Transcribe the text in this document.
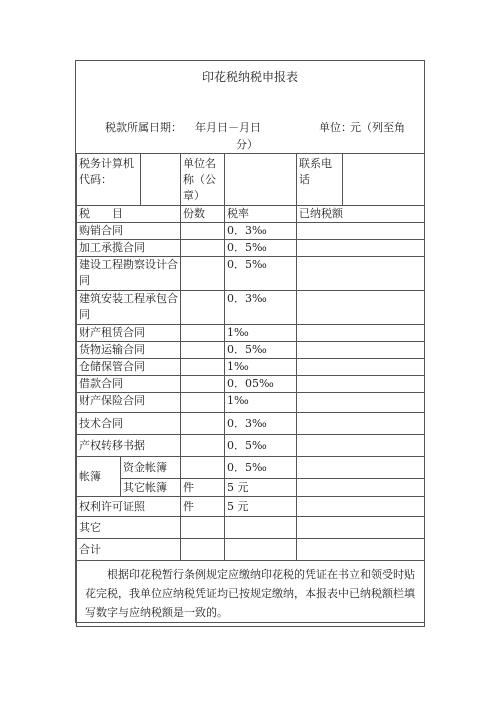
印花税纳税申报表
税款所属日期： 年月日－月日	单位：
元（列至角
分）
税务计算机代码：			单位名称（公章）		联系电话	
税　　目			份数	税率	已纳税额	
购销合同				0．3‰		
加工承揽合同				0．5‰		
建设工程勘察设计合同				0．5‰		
建筑安装工程承包合同				0．3‰		
财产租赁合同				1‰		
货物运输合同				0．5‰		
仓储保管合同				1‰		
借款合同				0．05‰		
财产保险合同				1‰		
技术合同				0．3‰		
产权转移书据				0．5‰		
帐簿	资金帐簿			0．5‰		
	其它帐簿		件	5 元		
权利许可证照			件	5 元		
其它						
合计						

根据印花税暂行条例规定应缴纳印花税的凭证在书立和领受时贴花完税，我单位应纳税凭证均已按规定缴纳，本报表中已纳税额栏填写数字与应纳税额是一致的。						
